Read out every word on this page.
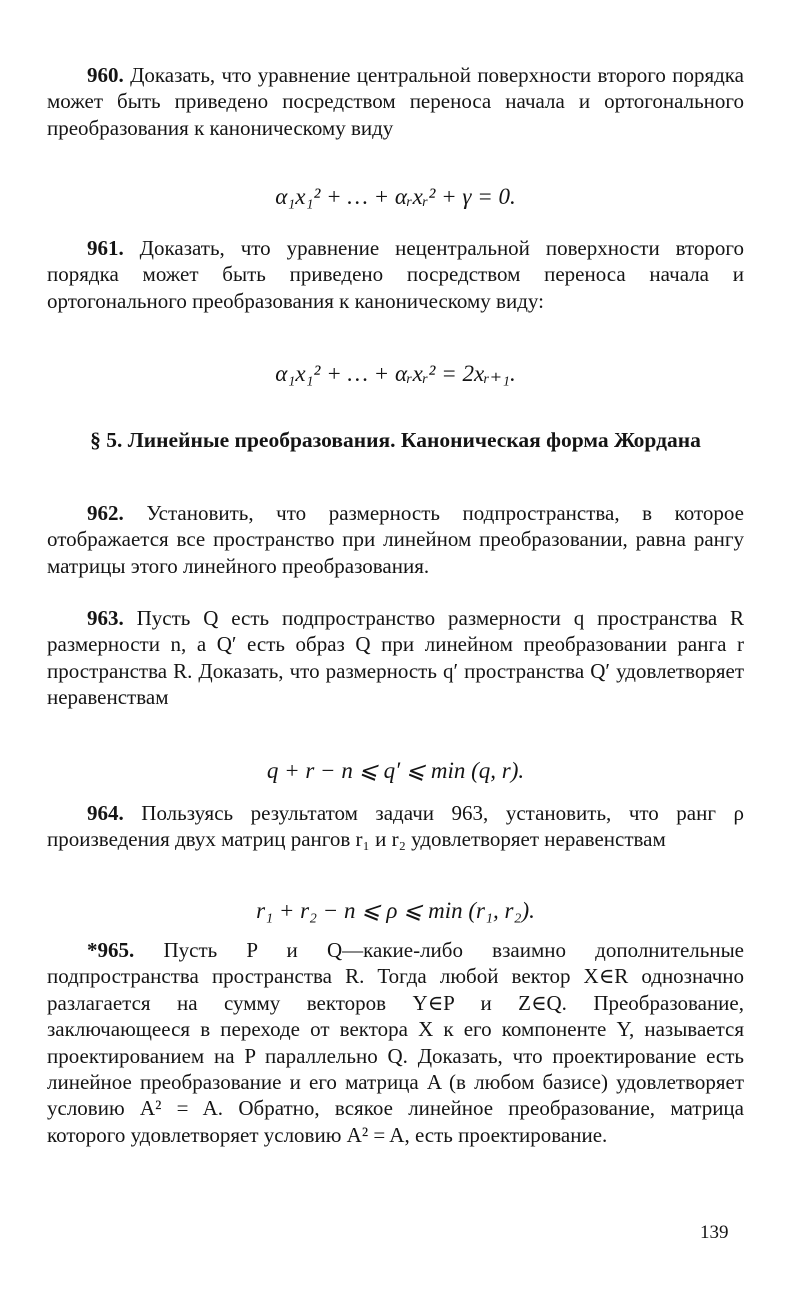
960. Доказать, что уравнение центральной поверхности второго порядка может быть приведено посредством переноса начала и ортогонального преобразования к каноническому виду

α₁x₁² + … + αᵣxᵣ² + γ = 0.

961. Доказать, что уравнение нецентральной поверхности второго порядка может быть приведено посредством переноса начала и ортогонального преобразования к каноническому виду:

α₁x₁² + … + αᵣxᵣ² = 2xᵣ₊₁.

§ 5. Линейные преобразования. Каноническая форма Жордана

962. Установить, что размерность подпространства, в которое отображается все пространство при линейном преобразовании, равна рангу матрицы этого линейного преобразования.

963. Пусть Q есть подпространство размерности q пространства R размерности n, а Q′ есть образ Q при линейном преобразовании ранга r пространства R. Доказать, что размерность q′ пространства Q′ удовлетворяет неравенствам

q + r − n ⩽ q′ ⩽ min (q, r).

964. Пользуясь результатом задачи 963, установить, что ранг ρ произведения двух матриц рангов r₁ и r₂ удовлетворяет неравенствам

r₁ + r₂ − n ⩽ ρ ⩽ min (r₁, r₂).

*965. Пусть P и Q—какие-либо взаимно дополнительные подпространства пространства R. Тогда любой вектор X∈R однозначно разлагается на сумму векторов Y∈P и Z∈Q. Преобразование, заключающееся в переходе от вектора X к его компоненте Y, называется проектированием на P параллельно Q. Доказать, что проектирование есть линейное преобразование и его матрица A (в любом базисе) удовлетворяет условию A² = A. Обратно, всякое линейное преобразование, матрица которого удовлетворяет условию A² = A, есть проектирование.

139
